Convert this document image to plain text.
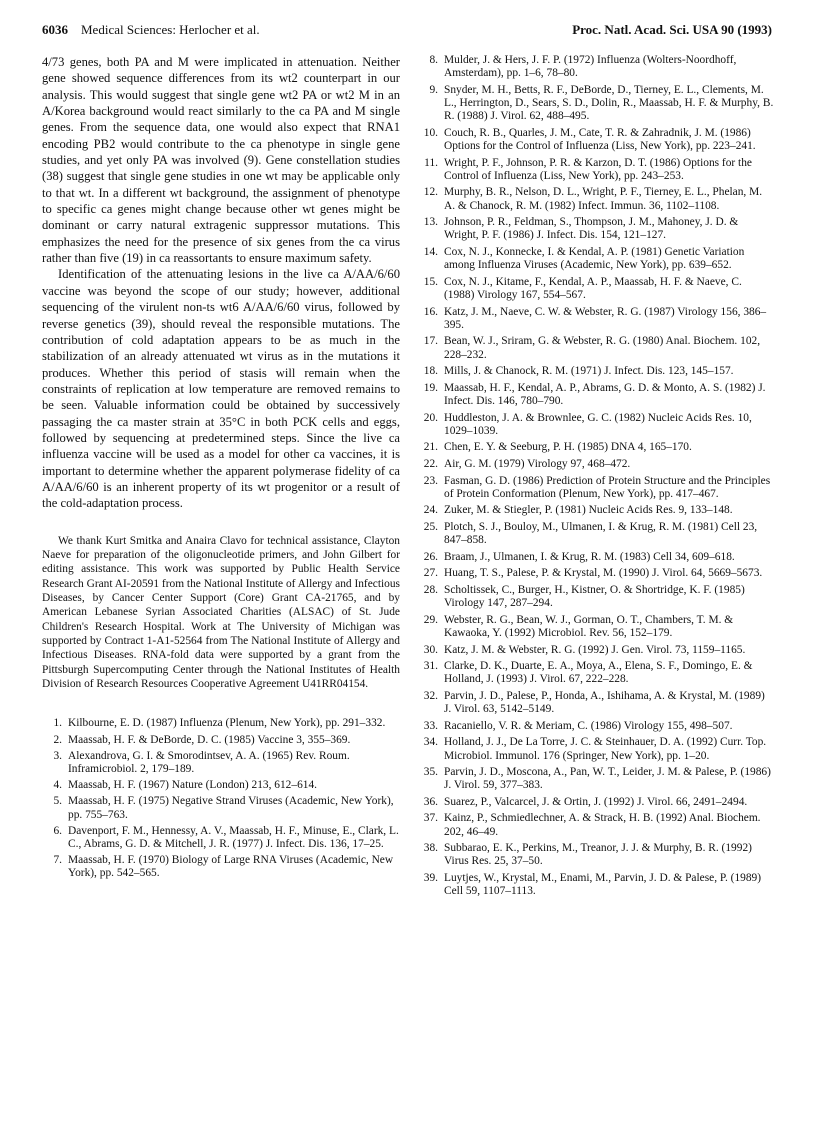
6036 Medical Sciences: Herlocher et al.	Proc. Natl. Acad. Sci. USA 90 (1993)

4/73 genes, both PA and M were implicated in attenuation. Neither gene showed sequence differences from its wt2 counterpart in our analysis. This would suggest that single gene wt2 PA or wt2 M in an A/Korea background would react similarly to the ca PA and M single genes. From the sequence data, one would also expect that RNA1 encoding PB2 would contribute to the ca phenotype in single gene studies, and yet only PA was involved (9). Gene constellation studies (38) suggest that single gene studies in one wt may be applicable only to that wt. In a different wt background, the assignment of phenotype to specific ca genes might change because other wt genes might be dominant or carry natural extragenic suppressor mutations. This emphasizes the need for the presence of six genes from the ca virus rather than five (19) in ca reassortants to ensure maximum safety.

Identification of the attenuating lesions in the live ca A/AA/6/60 vaccine was beyond the scope of our study; however, additional sequencing of the virulent non-ts wt6 A/AA/6/60 virus, followed by reverse genetics (39), should reveal the responsible mutations. The contribution of cold adaptation appears to be as much in the stabilization of an already attenuated wt virus as in the mutations it produces. Whether this period of stasis will remain when the constraints of replication at low temperature are removed remains to be seen. Valuable information could be obtained by successively passaging the ca master strain at 35°C in both PCK cells and eggs, followed by sequencing at predetermined steps. Since the live ca influenza vaccine will be used as a model for other ca vaccines, it is important to determine whether the apparent polymerase fidelity of ca A/AA/6/60 is an inherent property of its wt progenitor or a result of the cold-adaptation process.

We thank Kurt Smitka and Anaira Clavo for technical assistance, Clayton Naeve for preparation of the oligonucleotide primers, and John Gilbert for editing assistance. This work was supported by Public Health Service Research Grant AI-20591 from the National Institute of Allergy and Infectious Diseases, by Cancer Center Support (Core) Grant CA-21765, and by American Lebanese Syrian Associated Charities (ALSAC) of St. Jude Children's Research Hospital. Work at The University of Michigan was supported by Contract 1-A1-52564 from The National Institute of Allergy and Infectious Diseases. RNA-fold data were supported by a grant from the Pittsburgh Supercomputing Center through the National Institutes of Health Division of Research Resources Cooperative Agreement U41RR04154.

1. Kilbourne, E. D. (1987) Influenza (Plenum, New York), pp. 291–332.
2. Maassab, H. F. & DeBorde, D. C. (1985) Vaccine 3, 355–369.
3. Alexandrova, G. I. & Smorodintsev, A. A. (1965) Rev. Roum. Inframicrobiol. 2, 179–189.
4. Maassab, H. F. (1967) Nature (London) 213, 612–614.
5. Maassab, H. F. (1975) Negative Strand Viruses (Academic, New York), pp. 755–763.
6. Davenport, F. M., Hennessy, A. V., Maassab, H. F., Minuse, E., Clark, L. C., Abrams, G. D. & Mitchell, J. R. (1977) J. Infect. Dis. 136, 17–25.
7. Maassab, H. F. (1970) Biology of Large RNA Viruses (Academic, New York), pp. 542–565.
8. Mulder, J. & Hers, J. F. P. (1972) Influenza (Wolters-Noordhoff, Amsterdam), pp. 1–6, 78–80.
9. Snyder, M. H., Betts, R. F., DeBorde, D., Tierney, E. L., Clements, M. L., Herrington, D., Sears, S. D., Dolin, R., Maassab, H. F. & Murphy, B. R. (1988) J. Virol. 62, 488–495.
10. Couch, R. B., Quarles, J. M., Cate, T. R. & Zahradnik, J. M. (1986) Options for the Control of Influenza (Liss, New York), pp. 223–241.
11. Wright, P. F., Johnson, P. R. & Karzon, D. T. (1986) Options for the Control of Influenza (Liss, New York), pp. 243–253.
12. Murphy, B. R., Nelson, D. L., Wright, P. F., Tierney, E. L., Phelan, M. A. & Chanock, R. M. (1982) Infect. Immun. 36, 1102–1108.
13. Johnson, P. R., Feldman, S., Thompson, J. M., Mahoney, J. D. & Wright, P. F. (1986) J. Infect. Dis. 154, 121–127.
14. Cox, N. J., Konnecke, I. & Kendal, A. P. (1981) Genetic Variation among Influenza Viruses (Academic, New York), pp. 639–652.
15. Cox, N. J., Kitame, F., Kendal, A. P., Maassab, H. F. & Naeve, C. (1988) Virology 167, 554–567.
16. Katz, J. M., Naeve, C. W. & Webster, R. G. (1987) Virology 156, 386–395.
17. Bean, W. J., Sriram, G. & Webster, R. G. (1980) Anal. Biochem. 102, 228–232.
18. Mills, J. & Chanock, R. M. (1971) J. Infect. Dis. 123, 145–157.
19. Maassab, H. F., Kendal, A. P., Abrams, G. D. & Monto, A. S. (1982) J. Infect. Dis. 146, 780–790.
20. Huddleston, J. A. & Brownlee, G. C. (1982) Nucleic Acids Res. 10, 1029–1039.
21. Chen, E. Y. & Seeburg, P. H. (1985) DNA 4, 165–170.
22. Air, G. M. (1979) Virology 97, 468–472.
23. Fasman, G. D. (1986) Prediction of Protein Structure and the Principles of Protein Conformation (Plenum, New York), pp. 417–467.
24. Zuker, M. & Stiegler, P. (1981) Nucleic Acids Res. 9, 133–148.
25. Plotch, S. J., Bouloy, M., Ulmanen, I. & Krug, R. M. (1981) Cell 23, 847–858.
26. Braam, J., Ulmanen, I. & Krug, R. M. (1983) Cell 34, 609–618.
27. Huang, T. S., Palese, P. & Krystal, M. (1990) J. Virol. 64, 5669–5673.
28. Scholtissek, C., Burger, H., Kistner, O. & Shortridge, K. F. (1985) Virology 147, 287–294.
29. Webster, R. G., Bean, W. J., Gorman, O. T., Chambers, T. M. & Kawaoka, Y. (1992) Microbiol. Rev. 56, 152–179.
30. Katz, J. M. & Webster, R. G. (1992) J. Gen. Virol. 73, 1159–1165.
31. Clarke, D. K., Duarte, E. A., Moya, A., Elena, S. F., Domingo, E. & Holland, J. (1993) J. Virol. 67, 222–228.
32. Parvin, J. D., Palese, P., Honda, A., Ishihama, A. & Krystal, M. (1989) J. Virol. 63, 5142–5149.
33. Racaniello, V. R. & Meriam, C. (1986) Virology 155, 498–507.
34. Holland, J. J., De La Torre, J. C. & Steinhauer, D. A. (1992) Curr. Top. Microbiol. Immunol. 176 (Springer, New York), pp. 1–20.
35. Parvin, J. D., Moscona, A., Pan, W. T., Leider, J. M. & Palese, P. (1986) J. Virol. 59, 377–383.
36. Suarez, P., Valcarcel, J. & Ortin, J. (1992) J. Virol. 66, 2491–2494.
37. Kainz, P., Schmiedlechner, A. & Strack, H. B. (1992) Anal. Biochem. 202, 46–49.
38. Subbarao, E. K., Perkins, M., Treanor, J. J. & Murphy, B. R. (1992) Virus Res. 25, 37–50.
39. Luytjes, W., Krystal, M., Enami, M., Parvin, J. D. & Palese, P. (1989) Cell 59, 1107–1113.
